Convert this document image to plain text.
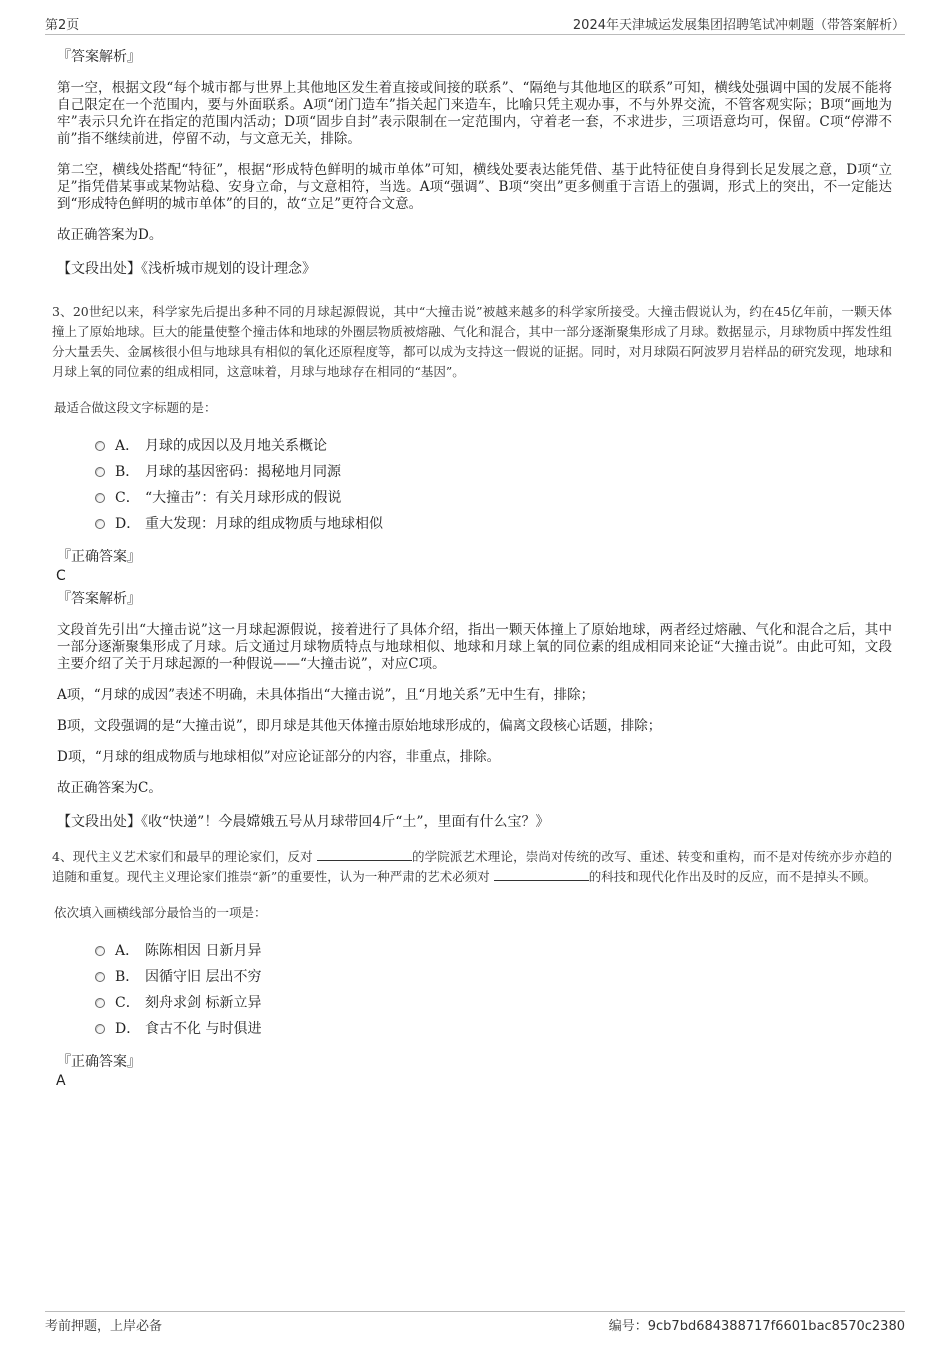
第2页	2024年天津城运发展集团招聘笔试冲刺题（带答案解析）
『答案解析』

第一空，根据文段“每个城市都与世界上其他地区发生着直接或间接的联系”、“隔绝与其他地区的联系”可知，横线处强调中国的发展不能将自己限定在一个范围内，要与外面联系。A项“闭门造车”指关起门来造车，比喻只凭主观办事，不与外界交流，不管客观实际；B项“画地为牢”表示只允许在指定的范围内活动；D项“固步自封”表示限制在一定范围内，守着老一套，不求进步，三项语意均可，保留。C项“停滞不前”指不继续前进，停留不动，与文意无关，排除。

第二空，横线处搭配“特征”，根据“形成特色鲜明的城市单体”可知，横线处要表达能凭借、基于此特征使自身得到长足发展之意，D项“立足”指凭借某事或某物站稳、安身立命，与文意相符，当选。A项“强调”、B项“突出”更多侧重于言语上的强调，形式上的突出，不一定能达到“形成特色鲜明的城市单体”的目的，故“立足”更符合文意。

故正确答案为D。

【文段出处】《浅析城市规划的设计理念》

3、20世纪以来，科学家先后提出多种不同的月球起源假说，其中“大撞击说”被越来越多的科学家所接受。大撞击假说认为，约在45亿年前，一颗天体撞上了原始地球。巨大的能量使整个撞击体和地球的外圈层物质被熔融、气化和混合，其中一部分逐渐聚集形成了月球。数据显示，月球物质中挥发性组分大量丢失、金属核很小但与地球具有相似的氧化还原程度等，都可以成为支持这一假说的证据。同时，对月球陨石阿波罗月岩样品的研究发现，地球和月球上氧的同位素的组成相同，这意味着，月球与地球存在相同的“基因”。

最适合做这段文字标题的是：
A． 月球的成因以及月地关系概论
B． 月球的基因密码：揭秘地月同源
C． “大撞击”：有关月球形成的假说
D． 重大发现：月球的组成物质与地球相似
『正确答案』
C
『答案解析』

文段首先引出“大撞击说”这一月球起源假说，接着进行了具体介绍，指出一颗天体撞上了原始地球，两者经过熔融、气化和混合之后，其中一部分逐渐聚集形成了月球。后文通过月球物质特点与地球相似、地球和月球上氧的同位素的组成相同来论证“大撞击说”。由此可知，文段主要介绍了关于月球起源的一种假说——“大撞击说”，对应C项。

A项，“月球的成因”表述不明确，未具体指出“大撞击说”，且“月地关系”无中生有，排除；

B项，文段强调的是“大撞击说”，即月球是其他天体撞击原始地球形成的，偏离文段核心话题，排除；

D项，“月球的组成物质与地球相似”对应论证部分的内容，非重点，排除。

故正确答案为C。

【文段出处】《收“快递”！今晨嫦娥五号从月球带回4斤“土”，里面有什么宝？》

4、现代主义艺术家们和最早的理论家们，反对	的学院派艺术理论，崇尚对传统的改写、重述、转变和重构，而不是对传统亦步亦趋的追随和重复。现代主义理论家们推崇“新”的重要性，认为一种严肃的艺术必须对	的科技和现代化作出及时的反应，而不是掉头不顾。

依次填入画横线部分最恰当的一项是：
A． 陈陈相因 日新月异
B． 因循守旧 层出不穷
C． 刻舟求剑 标新立异
D． 食古不化 与时俱进
『正确答案』
A
考前押题，上岸必备	编号：9cb7bd684388717f6601bac8570c2380
